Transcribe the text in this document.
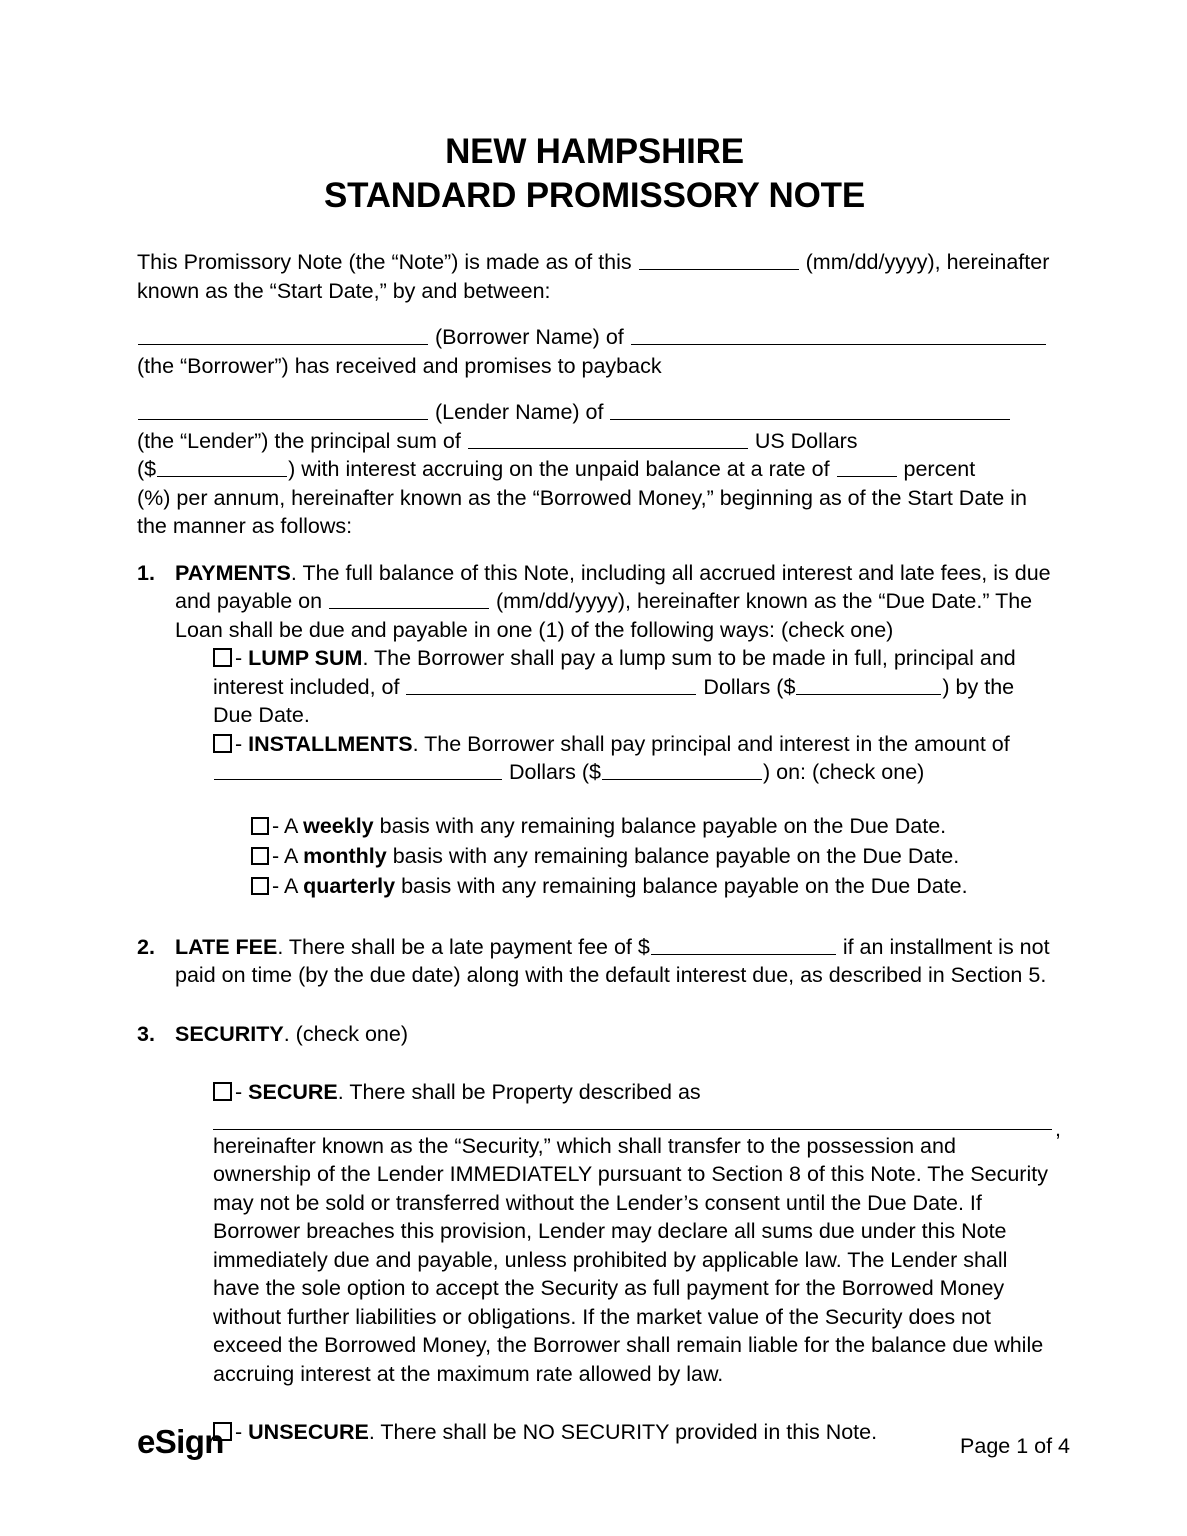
NEW HAMPSHIRE
STANDARD PROMISSORY NOTE

This Promissory Note (the “Note”) is made as of this	(mm/dd/yyyy), hereinafter known as the “Start Date,” by and between:

(Borrower Name) of
(the “Borrower”) has received and promises to payback

(Lender Name) of
(the “Lender”) the principal sum of	US Dollars
($	) with interest accruing on the unpaid balance at a rate of	percent
(%) per annum, hereinafter known as the “Borrowed Money,” beginning as of the Start Date in the manner as follows:

1. PAYMENTS. The full balance of this Note, including all accrued interest and late fees, is due and payable on	(mm/dd/yyyy), hereinafter known as the “Due Date.” The Loan shall be due and payable in one (1) of the following ways: (check one)

- LUMP SUM. The Borrower shall pay a lump sum to be made in full, principal and interest included, of	Dollars ($	) by the Due Date.

- INSTALLMENTS. The Borrower shall pay principal and interest in the amount of  Dollars ($	) on: (check one)

- A weekly basis with any remaining balance payable on the Due Date.
- A monthly basis with any remaining balance payable on the Due Date.
- A quarterly basis with any remaining balance payable on the Due Date.
2. LATE FEE. There shall be a late payment fee of $	if an installment is not paid on time (by the due date) along with the default interest due, as described in Section 5.

3. SECURITY. (check one)

- SECURE. There shall be Property described as

,

hereinafter known as the “Security,” which shall transfer to the possession and ownership of the Lender IMMEDIATELY pursuant to Section 8 of this Note. The Security may not be sold or transferred without the Lender’s consent until the Due Date. If Borrower breaches this provision, Lender may declare all sums due under this Note immediately due and payable, unless prohibited by applicable law. The Lender shall have the sole option to accept the Security as full payment for the Borrowed Money without further liabilities or obligations. If the market value of the Security does not exceed the Borrowed Money, the Borrower shall remain liable for the balance due while accruing interest at the maximum rate allowed by law.

- UNSECURE. There shall be NO SECURITY provided in this Note.

eSign	Page 1 of 4
